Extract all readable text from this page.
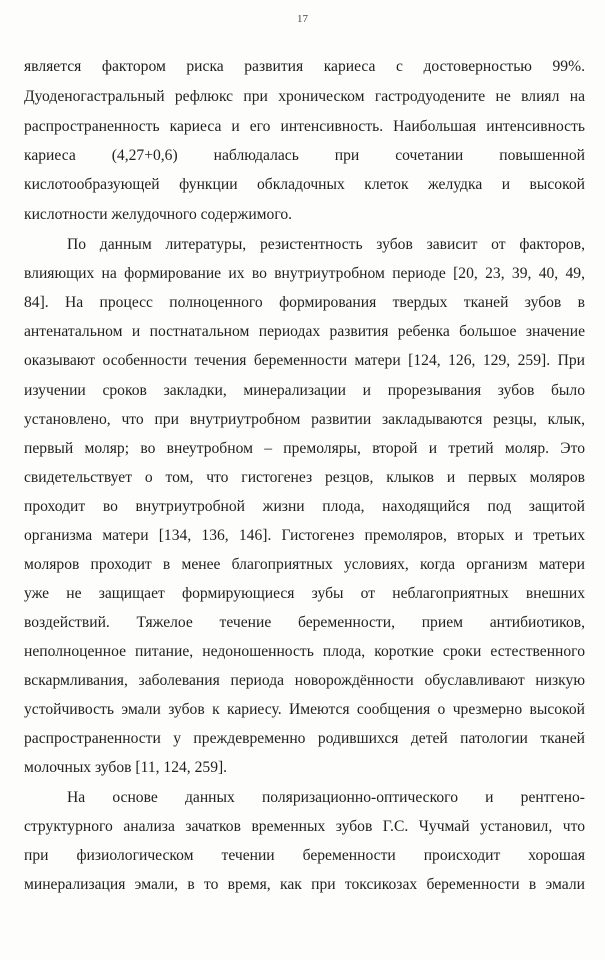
17
является фактором риска развития кариеса с достоверностью 99%.
Дуоденогастральный рефлюкс при хроническом гастродуодените не влиял на
распространенность кариеса и его интенсивность. Наибольшая интенсивность
кариеса (4,27+0,6) наблюдалась при сочетании повышенной
кислотообразующей функции обкладочных клеток желудка и высокой
кислотности желудочного содержимого.
По данным литературы, резистентность зубов зависит от факторов,
влияющих на формирование их во внутриутробном периоде [20, 23, 39, 40, 49,
84]. На процесс полноценного формирования твердых тканей зубов в
антенатальном и постнатальном периодах развития ребенка большое значение
оказывают особенности течения беременности матери [124, 126, 129, 259]. При
изучении сроков закладки, минерализации и прорезывания зубов было
установлено, что при внутриутробном развитии закладываются резцы, клык,
первый моляр; во внеутробном – премоляры, второй и третий моляр. Это
свидетельствует о том, что гистогенез резцов, клыков и первых моляров
проходит во внутриутробной жизни плода, находящийся под защитой
организма матери [134, 136, 146]. Гистогенез премоляров, вторых и третьих
моляров проходит в менее благоприятных условиях, когда организм матери
уже не защищает формирующиеся зубы от неблагоприятных внешних
воздействий. Тяжелое течение беременности, прием антибиотиков,
неполноценное питание, недоношенность плода, короткие сроки естественного
вскармливания, заболевания периода новорождённости обуславливают низкую
устойчивость эмали зубов к кариесу. Имеются сообщения о чрезмерно высокой
распространенности у преждевременно родившихся детей патологии тканей
молочных зубов [11, 124, 259].
На основе данных поляризационно-оптического и рентгено-
структурного анализа зачатков временных зубов Г.С. Чучмай установил, что
при физиологическом течении беременности происходит хорошая
минерализация эмали, в то время, как при токсикозах беременности в эмали
